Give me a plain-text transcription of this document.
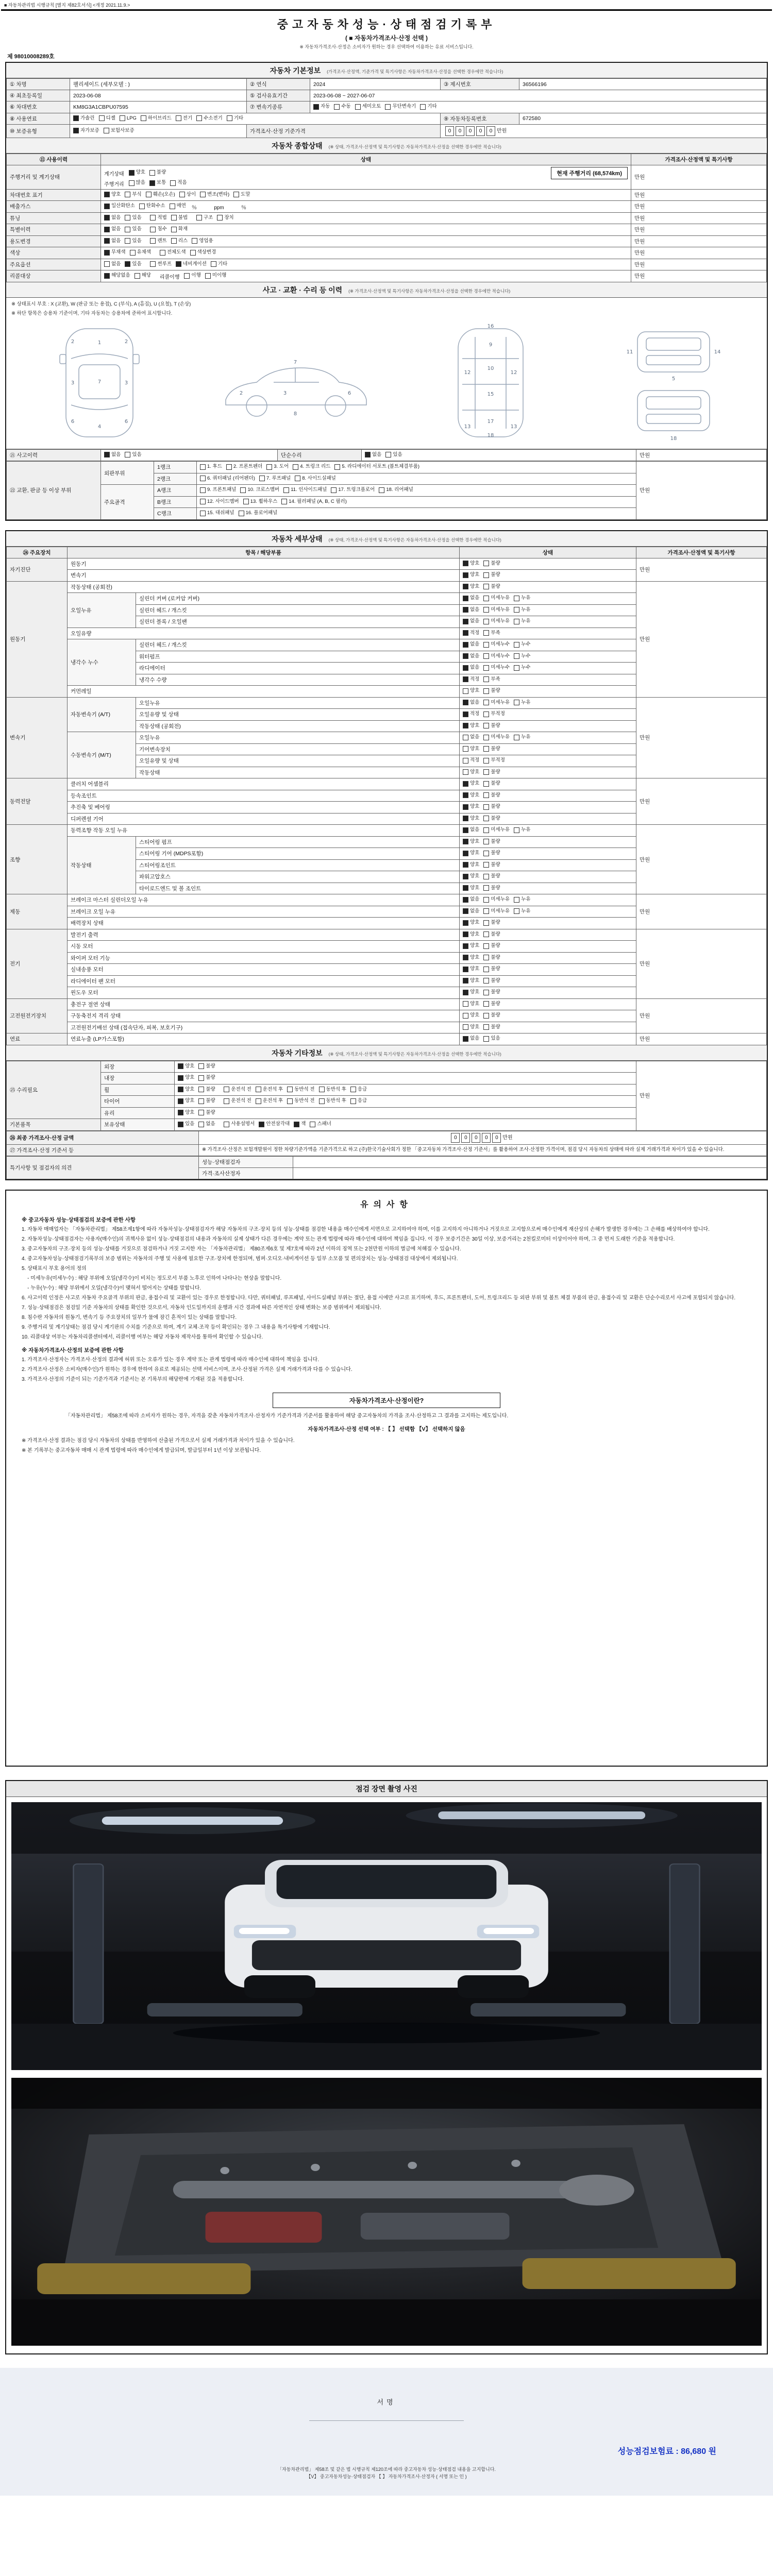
■ 자동차관리법 시행규칙 [별지 제82호서식] <개정 2021.11.9.>
중고자동차성능·상태점검기록부
( ■ 자동차가격조사·산정 선택 )
※ 자동차가격조사·산정은 소비자가 원하는 경우 선택하여 이용하는 유료 서비스입니다.
제 98010008289호
자동차 기본정보 (가격조사·산정액, 기준가격 및 특기사항은 자동차가격조사·산정을 선택한 경우에만 적습니다)
① 차명	팰리세이드 (세부모델 : )	② 연식	2024	③ 제시번호	36566196
④ 최초등록일	2023-06-08	⑤ 검사유효기간	2023-06-08 ~ 2027-06-07		
⑥ 차대번호	KM8G3A1CBPU07595	⑦ 변속기종류	자동 수동 세미오토 무단변속기 기타		

⑧ 사용연료	가솔린 디젤 LPG 하이브리드 전기 수소전기 기타	⑨ 자동차등록번호	672580
⑩ 보증유형	자가보증 보험사보증	가격조사·산정 기준가격		0 0 0 0 0 만원	
자동차 종합상태 (※ 상태, 가격조사·산정액 및 특기사항은 자동차가격조사·산정을 선택한 경우에만 적습니다)
⑪ 사용이력	상태	가격조사·산정액 및 특기사항
주행거리 및 계기상태	계기상태 양호 불량	현재 주행거리 (68,574km)
주행거리 많음 보통 적음
	만원
차대번호 표기	양호 부식 훼손(오손) 상이 변조(변타) 도말	만원
배출가스	일산화탄소 탄화수소 매연 ％            ppm            ％	만원
튜닝	없음 있음
	적법 불법
	구조 장치	만원
특별이력	없음 있음
침수 화재	만원
용도변경	없음 있음
렌트 리스 영업용	만원
색상	무채색 유채색
전체도색 색상변경	만원
주요옵션	없음 있음
썬루프 네비게이션 기타	만원
리콜대상	해당없음 해당 리콜이행 이행 미이행	만원
사고 · 교환 · 수리 등 이력 (※ 가격조사·산정액 및 특기사항은 자동차가격조사·산정을 선택한 경우에만 적습니다)
※ 상태표시 부호 : X (교환), W (판금 또는 용접), C (부식), A (흠집), U (요철), T (손상)
※ 하단 항목은 승용차 기준이며, 기타 자동차는 승용차에 준하여 표시합니다.
1
7
4
2	2
3	3
6	6
2	3	6
8
7
9
10
15
12	12
17
13	13
18
16
5
18
11	14
㉑ 사고이력	없음 있음	단순수리	없음 있음	만원
㉒ 교환, 판금 등 이상 부위	외판부위	1랭크	1. 후드 2. 프론트펜더 3. 도어 4. 트렁크 리드 5. 라디에이터 서포트 (볼트체결부품)	만원
		2랭크	6. 쿼터패널 (리어펜더) 7. 루프패널 8. 사이드실패널	

	주요골격	A랭크	9. 프론트패널 10. 크로스멤버 11. 인사이드패널 17. 트렁크플로어 18. 리어패널	

		B랭크	12. 사이드멤버 13. 휠하우스 14. 필러패널 (A, B, C 필러)	

		C랭크	15. 대쉬패널 16. 플로어패널	
자동차 세부상태 (※ 상태, 가격조사·산정액 및 특기사항은 자동차가격조사·산정을 선택한 경우에만 적습니다)
㉔ 주요장치	항목 / 해당부품		상태	가격조사·산정액 및 특기사항
자기진단	원동기		양호 불량	만원
	변속기		양호 불량	

원동기	작동상태 (공회전)		양호 불량	만원
	오일누유	실린더 커버 (로커암 커버)	없음 미세누유 누유	

		실린더 헤드 / 개스킷	없음 미세누유 누유	

		실린더 블록 / 오일팬	없음 미세누유 누유	

	오일유량		적정 부족	

	냉각수 누수	실린더 헤드 / 개스킷	없음 미세누수 누수	

		워터펌프	없음 미세누수 누수	

		라디에이터	없음 미세누수 누수	

		냉각수 수량	적정 부족	

	커먼레일		양호 불량	

변속기	자동변속기 (A/T)	오일누유	없음 미세누유 누유	만원
		오일유량 및 상태	적정 부적정	

		작동상태 (공회전)	양호 불량	

	수동변속기 (M/T)	오일누유	없음 미세누유 누유	

		기어변속장치	양호 불량	

		오일유량 및 상태	적정 부적정	

		작동상태	양호 불량	

동력전달	클러치 어셈블리		양호 불량	만원
	등속조인트		양호 불량	

	추진축 및 베어링		양호 불량	

	디퍼렌셜 기어		양호 불량	

조향	동력조향 작동 오일 누유		없음 미세누유 누유	만원
	작동상태	스티어링 펌프	양호 불량	

		스티어링 기어 (MDPS포함)	양호 불량	

		스티어링조인트	양호 불량	

		파워고압호스	양호 불량	

		타이로드엔드 및 볼 조인트	양호 불량	

제동	브레이크 마스터 실린더오일 누유		없음 미세누유 누유	만원
	브레이크 오일 누유		없음 미세누유 누유	

	배력장치 상태		양호 불량	

전기	발전기 출력		양호 불량	만원
	시동 모터		양호 불량	

	와이퍼 모터 기능		양호 불량	

	실내송풍 모터		양호 불량	

	라디에이터 팬 모터		양호 불량	

	윈도우 모터		양호 불량	

고전원전기장치	충전구 절연 상태		양호 불량	만원
	구동축전지 격리 상태		양호 불량	

	고전원전기배선 상태 (접속단자, 피복, 보호기구)		양호 불량	

연료	연료누출 (LP가스포함)		없음 있음	만원
자동차 기타정보 (※ 상태, 가격조사·산정액 및 특기사항은 자동차가격조사·산정을 선택한 경우에만 적습니다)
㉕ 수리필요	외장	양호 불량	만원
	내장	양호 불량	

휠	양호 불량
	운전석 전 운전석 후 동반석 전 동반석 후 응급

타이어	양호 불량
	운전석 전 운전석 후 동반석 전 동반석 후 응급

	유리	양호 불량	

기본품목	보유상태	있음 없음
	사용설명서 안전삼각대 잭 스패너
㉖ 최종 가격조사·산정 금액	0 0 0 0 0 만원
㉗ 가격조사·산정 기준서 등	※ 가격조사·산정은 보험개발원이 정한 차량기준가액을 기준가격으로 하고 (주)한국기술사회가 정한 「중고자동차 가격조사·산정 기준서」를 활용하여 조사·산정한 가격이며, 점검 당시 자동차의 상태에 따라 실제 거래가격과 차이가 있을 수 있습니다.
특기사항 및 점검자의 의견	성능·상태점검자	
	가격·조사산정자	
유의사항
※ 중고자동차 성능·상태점검의 보증에 관한 사항
1. 자동차 매매업자는 「자동차관리법」 제58조제1항에 따라 자동차성능·상태점검자가 해당 자동차의 구조·장치 등의 성능·상태를 점검한 내용을 매수인에게 서면으로 고지하여야 하며, 이를 고지하지 아니하거나 거짓으로 고지함으로써 매수인에게 재산상의 손해가 발생한 경우에는 그 손해를 배상하여야 합니다.
2. 자동차성능·상태점검자는 사용자(매수인)의 귀책사유 없이 성능·상태점검의 내용과 자동차의 실제 상태가 다른 경우에는 계약 또는 관계 법령에 따라 매수인에 대하여 책임을 집니다. 이 경우 보증기간은 30일 이상, 보증거리는 2천킬로미터 이상이어야 하며, 그 중 먼저 도래한 기준을 적용합니다.
3. 중고자동차의 구조·장치 등의 성능·상태를 거짓으로 점검하거나 거짓 고지한 자는 「자동차관리법」 제80조제6호 및 제7호에 따라 2년 이하의 징역 또는 2천만원 이하의 벌금에 처해질 수 있습니다.
4. 중고자동차성능·상태점검기록부의 보증 범위는 자동차의 주행 및 사용에 필요한 구조·장치에 한정되며, 범퍼·오디오·내비게이션 등 일부 소모품 및 편의장치는 성능·상태점검 대상에서 제외됩니다.
5. 상태표시 부호 용어의 정의
- 미세누유(미세누수) : 해당 부위에 오일(냉각수)이 비치는 정도로서 부품 노후로 인하여 나타나는 현상을 말합니다.
- 누유(누수) : 해당 부위에서 오일(냉각수)이 맺혀서 떨어지는 상태를 말합니다.
6. 사고이력 인정은 사고로 자동차 주요골격 부위의 판금, 용접수리 및 교환이 있는 경우로 한정합니다. 다만, 쿼터패널, 루프패널, 사이드실패널 부위는 절단, 용접 시에만 사고로 표기하며, 후드, 프론트펜더, 도어, 트렁크리드 등 외판 부위 및 볼트 체결 부품의 판금, 용접수리 및 교환은 단순수리로서 사고에 포함되지 않습니다.
7. 성능·상태점검은 점검일 기준 자동차의 상태를 확인한 것으로서, 자동차 인도일까지의 운행과 시간 경과에 따른 자연적인 상태 변화는 보증 범위에서 제외됩니다.
8. 침수란 자동차의 원동기, 변속기 등 주요장치의 일부가 물에 잠긴 흔적이 있는 상태를 말합니다.
9. 주행거리 및 계기상태는 점검 당시 계기판의 수치를 기준으로 하며, 계기 교체·조작 등이 확인되는 경우 그 내용을 특기사항에 기재합니다.
10. 리콜대상 여부는 자동차리콜센터에서, 리콜이행 여부는 해당 자동차 제작사를 통하여 확인할 수 있습니다.
※ 자동차가격조사·산정의 보증에 관한 사항
1. 가격조사·산정자는 가격조사·산정의 결과에 허위 또는 오류가 있는 경우 계약 또는 관계 법령에 따라 매수인에 대하여 책임을 집니다.
2. 가격조사·산정은 소비자(매수인)가 원하는 경우에 한하여 유료로 제공되는 선택 서비스이며, 조사·산정된 가격은 실제 거래가격과 다를 수 있습니다.
3. 가격조사·산정의 기준이 되는 기준가격과 기준서는 본 기록부의 해당란에 기재된 것을 적용합니다.
자동차가격조사·산정이란?
「자동차관리법」 제58조에 따라 소비자가 원하는 경우, 자격을 갖춘 자동차가격조사·산정자가 기준가격과 기준서를 활용하여 해당 중고자동차의 가격을 조사·산정하고 그 결과를 고지하는 제도입니다.
자동차가격조사·산정 선택 여부 : 【 】 선택함 【V】 선택하지 않음
※ 가격조사·산정 결과는 점검 당시 자동차의 상태를 반영하여 산출된 가격으로서 실제 거래가격과 차이가 있을 수 있습니다.
※ 본 기록부는 중고자동차 매매 시 관계 법령에 따라 매수인에게 발급되며, 발급일부터 1년 이상 보관됩니다.
점검 장면 촬영 사진
서명
성능점검보험료 : 86,680 원
「자동차관리법」 제58조 및 같은 법 시행규칙 제120조에 따라 중고자동차 성능·상태점검 내용을 고지합니다.
【V】 중고자동차성능·상태점검자 【 】 자동차가격조사·산정자 ( 서명 또는 인 )
